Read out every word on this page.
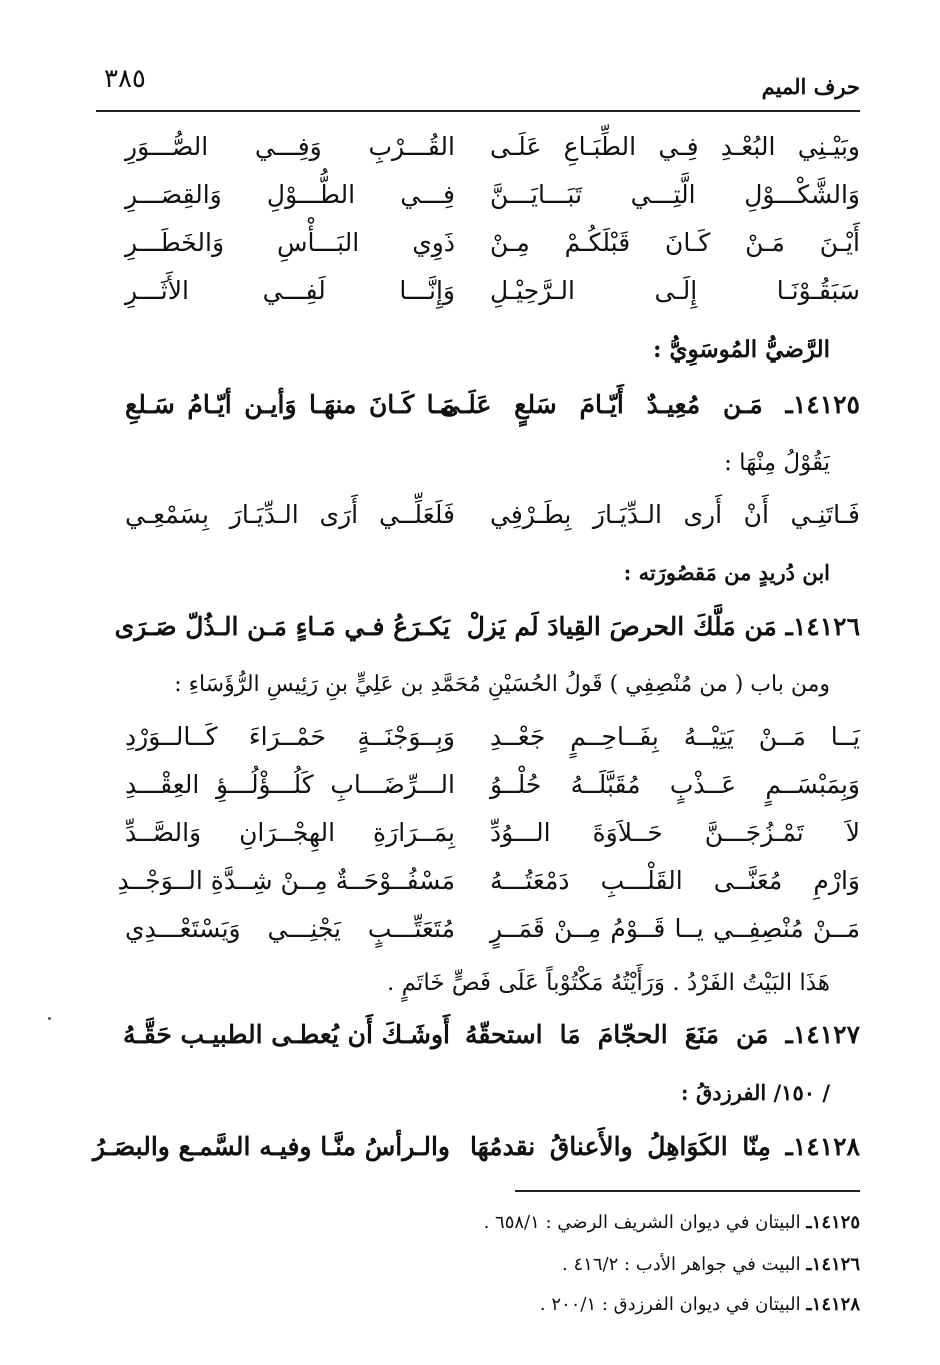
حرف الميم
٣٨٥
وبَيْـنِي البُعْـدِ فِـي الطِّبَـاعِ عَلَـى
القُـــرْبِ وَفِـــي الصُّـــوَرِ
وَالشَّكْـــوْلِ الَّتِـــي تَبَـــايَـــنَّ
فِـــي الطُّـــوْلِ وَالقِصَـــرِ
أَيْـنَ مَـنْ كَـانَ قَبْلَكُـمْ مِـنْ
ذَوِي البَـــأْسِ وَالخَطَـــرِ
سَبَقُـوْنَـا إِلَـى الـرَّحِيْـلِ
وَإِنَّـــا لَفِـــي الأَثَـــرِ
الرَّضيُّ المُوسَوِيُّ :
١٤١٢٥ـ مَـن مُعِيـدٌ أَيّـامَ سَلعٍ عَلَـى
مَـا كَـانَ منهَـا وَأيـن أيّـامُ سَـلعِ
يَقُوْلُ مِنْهَا :
فَـاتَنِـي أَنْ أَرى الـدِّيَـارَ بِطَـرْفِي
فَلَعَلِّــي أَرَى الـدِّيَـارَ بِسَمْعِـي
ابن دُريدٍ من مَقصُورَته :
١٤١٢٦ـ مَن مَلَّكَ الحرصَ القِيادَ لَم يَزلْ
يَكـرَعُ فـي مَـاءٍ مَـن الـذُلّ صَـرَى
ومن باب ( من مُنْصِفِي ) قَولُ الحُسَيْنِ مُحَمَّدِ بن عَلِيٍّ بنِ رَئِيسِ الرُّؤَسَاءِ :
يَــا مَــنْ يَتِيْــهُ بِفَــاحِــمٍ جَعْــدِ
وَبِــوَجْنَــةٍ حَمْــرَاءَ كَــالــوَرْدِ
وَبِمَبْسَــمٍ عَــذْبٍ مُقَبَّلَــهُ حُلْــوُ
الـــرِّضَـــابِ كَلُـــؤْلُـــؤِ العِقْـــدِ
لاَ تَمْـزُجَـــنَّ حَــلاَوَةَ الـــوُدِّ
بِمَــرَارَةِ الهِجْــرَانِ وَالصَّــدِّ
وَارْمِ مُعَنَّــى القَلْـــبِ دَمْعَتُـــهُ
مَسْفُــوْحَــةٌ مِــنْ شِــدَّةِ الــوَجْــدِ
مَــنْ مُنْصِفِــي يــا قَــوْمُ مِــنْ قَمَــرٍ
مُتَعَتِّـــبٍ يَجْنِـــي وَيَسْتَعْـــدِي
هَذَا البَيْتُ الفَرْدُ . وَرَأَيْتُهُ مَكْتُوْباً عَلَى فَصٍّ خَاتَمٍ .
١٤١٢٧ـ مَن مَنَعَ الحجّامَ مَا استحقّهُ
أَوشَـكَ أَن يُعطـى الطبيـب حَقَّـهُ
/ ١٥٠/ الفرزدقُ :
١٤١٢٨ـ مِنّا الكَوَاهِلُ والأَعناقُ نقدمُهَا
والـرأسُ منَّـا وفيـه السَّمـع والبصَـرُ
١٤١٢٥ـ البيتان في ديوان الشريف الرضي : ٦٥٨/١ .
١٤١٢٦ـ البيت في جواهر الأدب : ٤١٦/٢ .
١٤١٢٨ـ البيتان في ديوان الفرزدق : ٢٠٠/١ .
